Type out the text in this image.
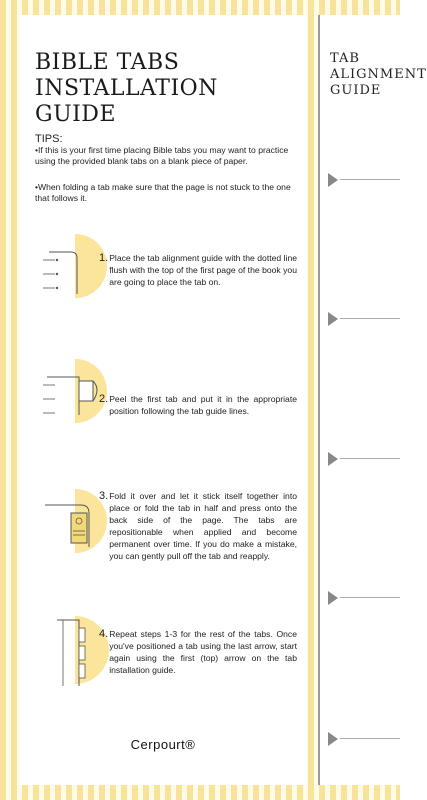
BIBLE TABS
INSTALLATION GUIDE
TIPS:
•If this is your first time placing Bible tabs you may want to practice using the provided blank tabs on a blank piece of paper.
•When folding a tab make sure that the page is not stuck to the one that follows it.
1. Place the tab alignment guide with the dotted line flush with the top of the first page of the book you are going to place the tab on.
2. Peel the first tab and put it in the appropriate position following the tab guide lines.
3. Fold it over and let it stick itself together into place or fold the tab in half and press onto the back side of the page. The tabs are repositionable when applied and become permanent over time. If you do make a mistake, you can gently pull off the tab and reapply.
4. Repeat steps 1-3 for the rest of the tabs. Once you've positioned a tab using the last arrow, start again using the first (top) arrow on the tab installation guide.
Cerpourt®
TAB ALIGNMENT GUIDE
